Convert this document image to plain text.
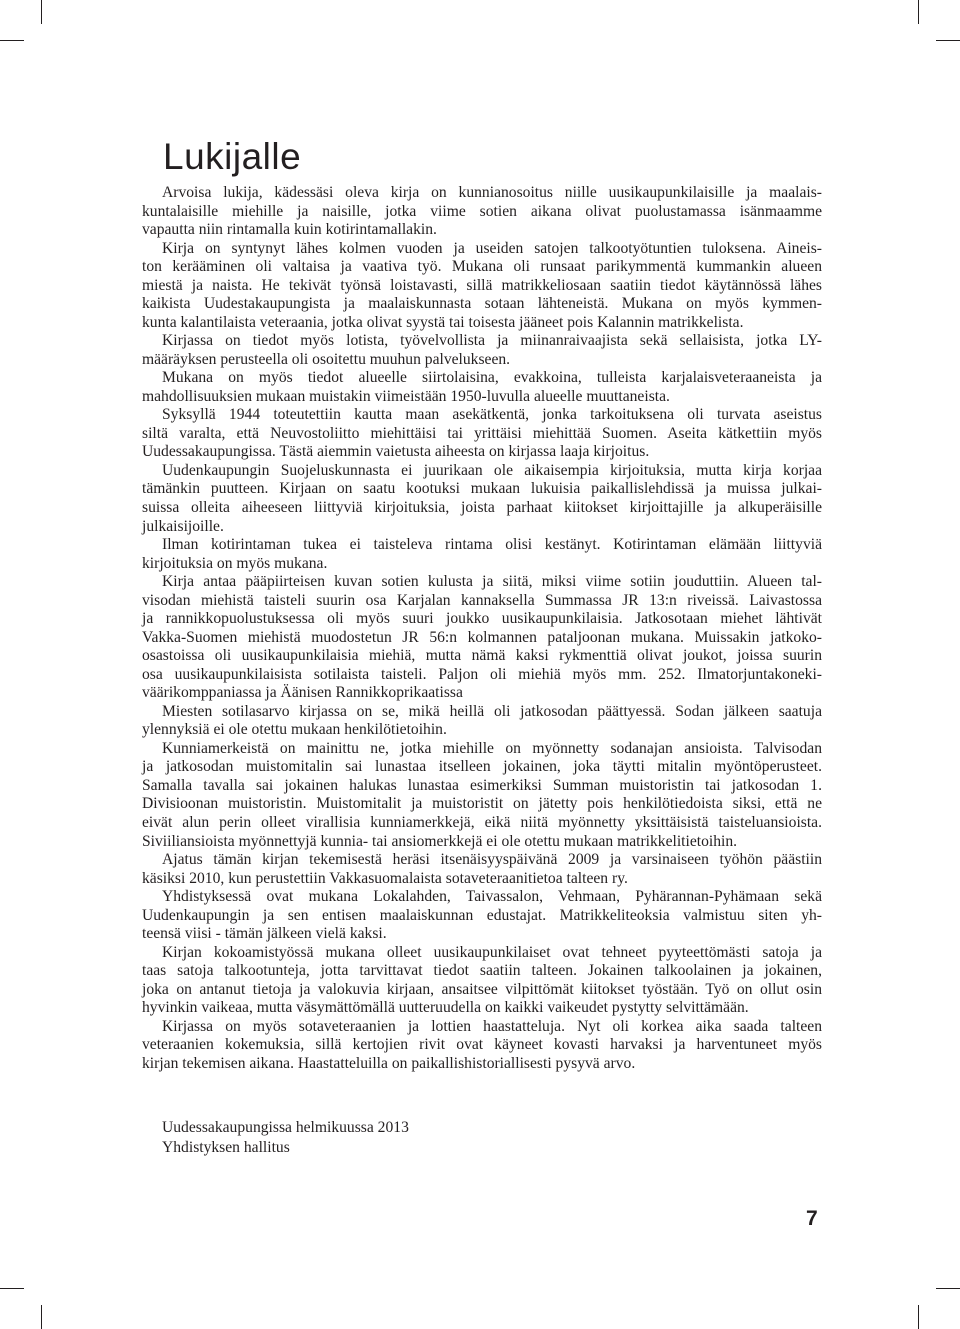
Lukijalle
Arvoisa lukija, kädessäsi oleva kirja on kunnianosoitus niille uusikaupunkilaisille ja maalais-
kuntalaisille miehille ja naisille, jotka viime sotien aikana olivat puolustamassa isänmaamme
vapautta niin rintamalla kuin kotirintamallakin.
Kirja on syntynyt lähes kolmen vuoden ja useiden satojen talkootyötuntien tuloksena. Aineis-
ton kerääminen oli valtaisa ja vaativa työ. Mukana oli runsaat parikymmentä kummankin alueen
miestä ja naista. He tekivät työnsä loistavasti, sillä matrikkeliosaan saatiin tiedot käytännössä lähes
kaikista Uudestakaupungista ja maalaiskunnasta sotaan lähteneistä. Mukana on myös kymmen-
kunta kalantilaista veteraania, jotka olivat syystä tai toisesta jääneet pois Kalannin matrikkelista.
Kirjassa on tiedot myös lotista, työvelvollista ja miinanraivaajista sekä sellaisista, jotka LY-
määräyksen perusteella oli osoitettu muuhun palvelukseen.
Mukana on myös tiedot alueelle siirtolaisina, evakkoina, tulleista karjalaisveteraaneista ja
mahdollisuuksien mukaan muistakin viimeistään 1950-luvulla alueelle muuttaneista.
Syksyllä 1944 toteutettiin kautta maan asekätkentä, jonka tarkoituksena oli turvata aseistus
siltä varalta, että Neuvostoliitto miehittäisi tai yrittäisi miehittää Suomen. Aseita kätkettiin myös
Uudessakaupungissa. Tästä aiemmin vaietusta aiheesta on kirjassa laaja kirjoitus.
Uudenkaupungin Suojeluskunnasta ei juurikaan ole aikaisempia kirjoituksia, mutta kirja korjaa
tämänkin puutteen. Kirjaan on saatu kootuksi mukaan lukuisia paikallislehdissä ja muissa julkai-
suissa olleita aiheeseen liittyviä kirjoituksia, joista parhaat kiitokset kirjoittajille ja alkuperäisille
julkaisijoille.
Ilman kotirintaman tukea ei taisteleva rintama olisi kestänyt. Kotirintaman elämään liittyviä
kirjoituksia on myös mukana.
Kirja antaa pääpiirteisen kuvan sotien kulusta ja siitä, miksi viime sotiin jouduttiin. Alueen tal-
visodan miehistä taisteli suurin osa Karjalan kannaksella Summassa JR 13:n riveissä. Laivastossa
ja rannikkopuolustuksessa oli myös suuri joukko uusikaupunkilaisia. Jatkosotaan miehet lähtivät
Vakka-Suomen miehistä muodostetun JR 56:n kolmannen pataljoonan mukana. Muissakin jatkoko-
osastoissa oli uusikaupunkilaisia miehiä, mutta nämä kaksi rykmenttiä olivat joukot, joissa suurin
osa uusikaupunkilaisista sotilaista taisteli. Paljon oli miehiä myös mm. 252. Ilmatorjuntakoneki-
väärikomppaniassa ja Äänisen Rannikkoprikaatissa
Miesten sotilasarvo kirjassa on se, mikä heillä oli jatkosodan päättyessä. Sodan jälkeen saatuja
ylennyksiä ei ole otettu mukaan henkilötietoihin.
Kunniamerkeistä on mainittu ne, jotka miehille on myönnetty sodanajan ansioista. Talvisodan
ja jatkosodan muistomitalin sai lunastaa itselleen jokainen, joka täytti mitalin myöntöperusteet.
Samalla tavalla sai jokainen halukas lunastaa esimerkiksi Summan muistoristin tai jatkosodan 1.
Divisioonan muistoristin. Muistomitalit ja muistoristit on jätetty pois henkilötiedoista siksi, että ne
eivät alun perin olleet virallisia kunniamerkkejä, eikä niitä myönnetty yksittäisistä taisteluansioista.
Siviiliansioista myönnettyjä kunnia- tai ansiomerkkejä ei ole otettu mukaan matrikkelitietoihin.
Ajatus tämän kirjan tekemisestä heräsi itsenäisyyspäivänä 2009 ja varsinaiseen työhön päästiin
käsiksi 2010, kun perustettiin Vakkasuomalaista sotaveteraanitietoa talteen ry.
Yhdistyksessä ovat mukana Lokalahden, Taivassalon, Vehmaan, Pyhärannan-Pyhämaan sekä
Uudenkaupungin ja sen entisen maalaiskunnan edustajat. Matrikkeliteoksia valmistuu siten yh-
teensä viisi - tämän jälkeen vielä kaksi.
Kirjan kokoamistyössä mukana olleet uusikaupunkilaiset ovat tehneet pyyteettömästi satoja ja
taas satoja talkootunteja, jotta tarvittavat tiedot saatiin talteen. Jokainen talkoolainen ja jokainen,
joka on antanut tietoja ja valokuvia kirjaan, ansaitsee vilpittömät kiitokset työstään. Työ on ollut osin
hyvinkin vaikeaa, mutta väsymättömällä uutteruudella on kaikki vaikeudet pystytty selvittämään.
Kirjassa on myös sotaveteraanien ja lottien haastatteluja. Nyt oli korkea aika saada talteen
veteraanien kokemuksia, sillä kertojien rivit ovat käyneet kovasti harvaksi ja harventuneet myös
kirjan tekemisen aikana. Haastatteluilla on paikallishistoriallisesti pysyvä arvo.
Uudessakaupungissa helmikuussa 2013
Yhdistyksen hallitus
7
